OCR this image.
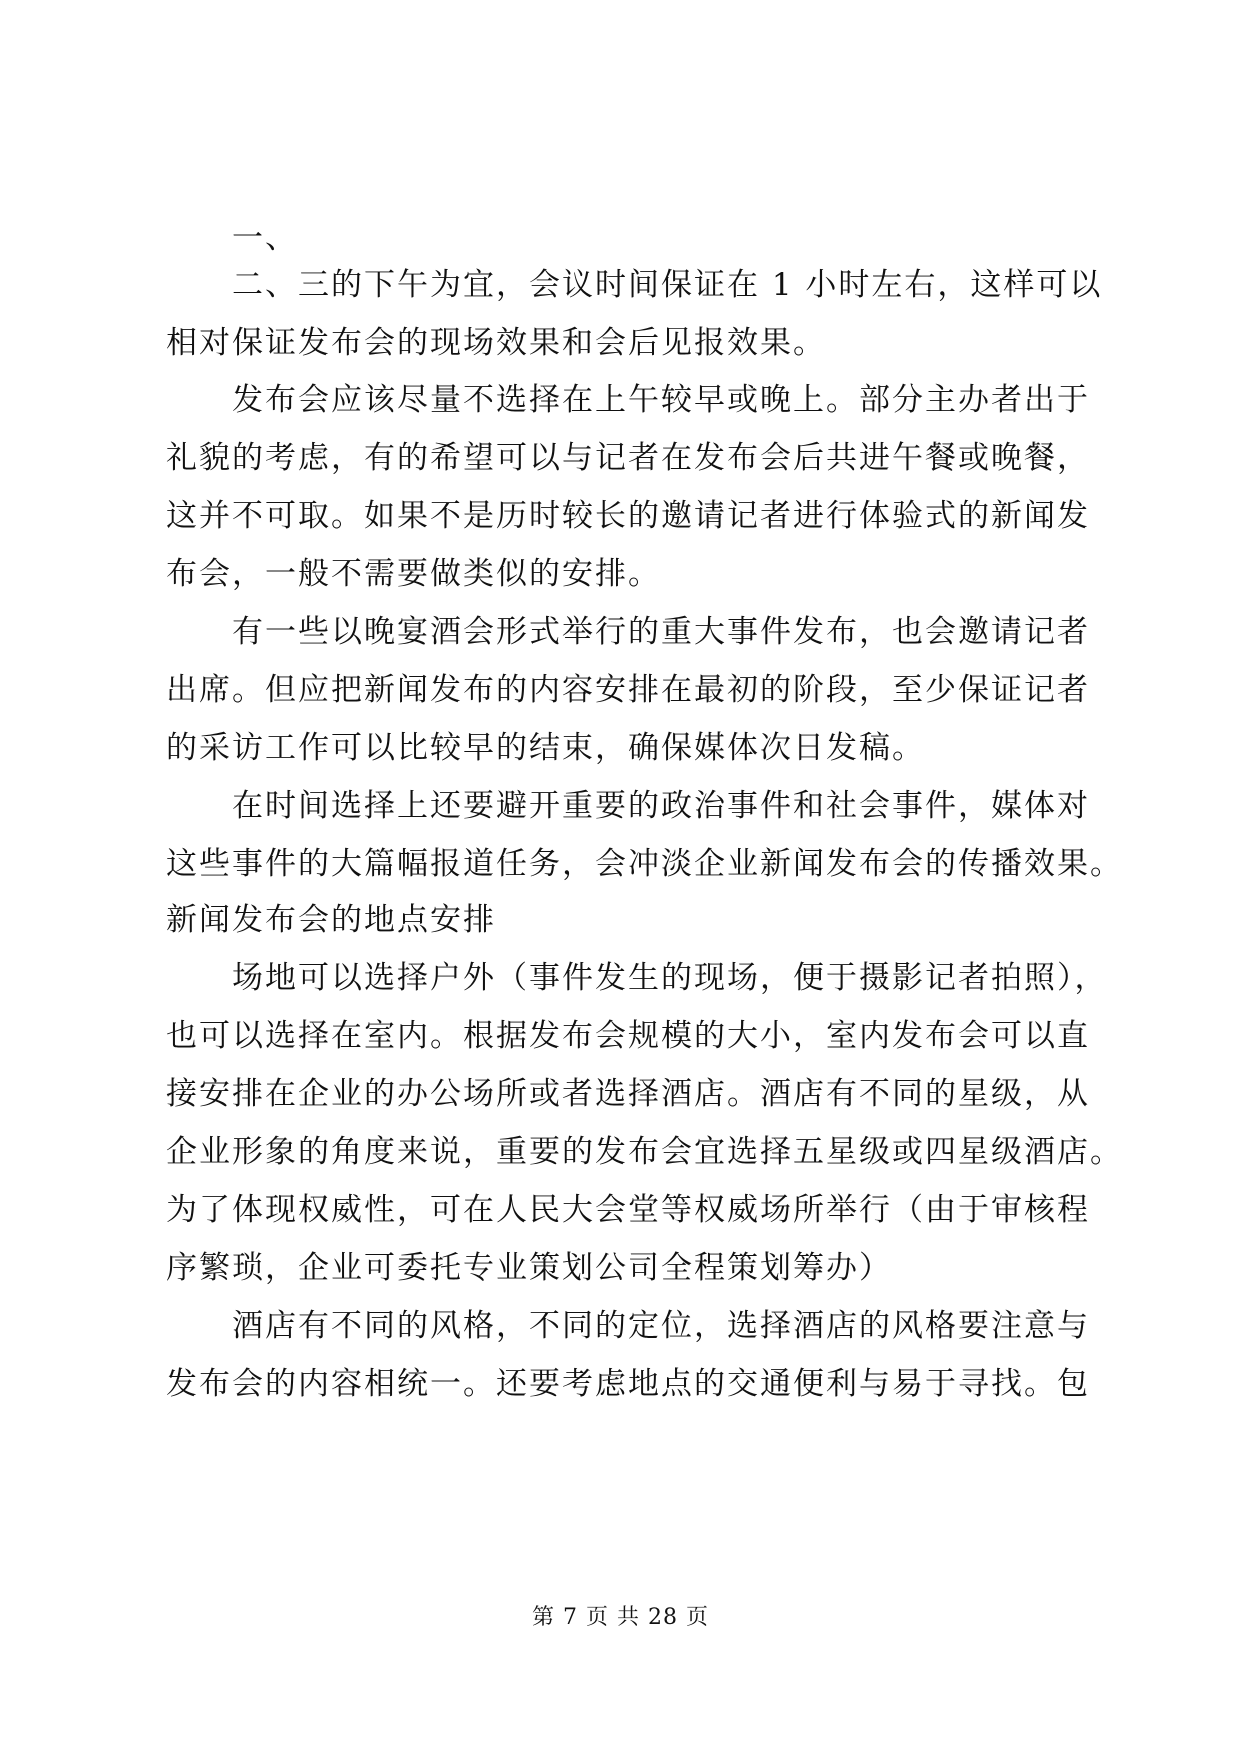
一、
二、三的下午为宜，会议时间保证在 1 小时左右，这样可以
相对保证发布会的现场效果和会后见报效果。
发布会应该尽量不选择在上午较早或晚上。部分主办者出于
礼貌的考虑，有的希望可以与记者在发布会后共进午餐或晚餐，
这并不可取。如果不是历时较长的邀请记者进行体验式的新闻发
布会，一般不需要做类似的安排。
有一些以晚宴酒会形式举行的重大事件发布，也会邀请记者
出席。但应把新闻发布的内容安排在最初的阶段，至少保证记者
的采访工作可以比较早的结束，确保媒体次日发稿。
在时间选择上还要避开重要的政治事件和社会事件，媒体对
这些事件的大篇幅报道任务，会冲淡企业新闻发布会的传播效果。
新闻发布会的地点安排
场地可以选择户外（事件发生的现场，便于摄影记者拍照），
也可以选择在室内。根据发布会规模的大小，室内发布会可以直
接安排在企业的办公场所或者选择酒店。酒店有不同的星级，从
企业形象的角度来说，重要的发布会宜选择五星级或四星级酒店。
为了体现权威性，可在人民大会堂等权威场所举行（由于审核程
序繁琐，企业可委托专业策划公司全程策划筹办）
酒店有不同的风格，不同的定位，选择酒店的风格要注意与
发布会的内容相统一。还要考虑地点的交通便利与易于寻找。包
第 7 页 共 28 页
